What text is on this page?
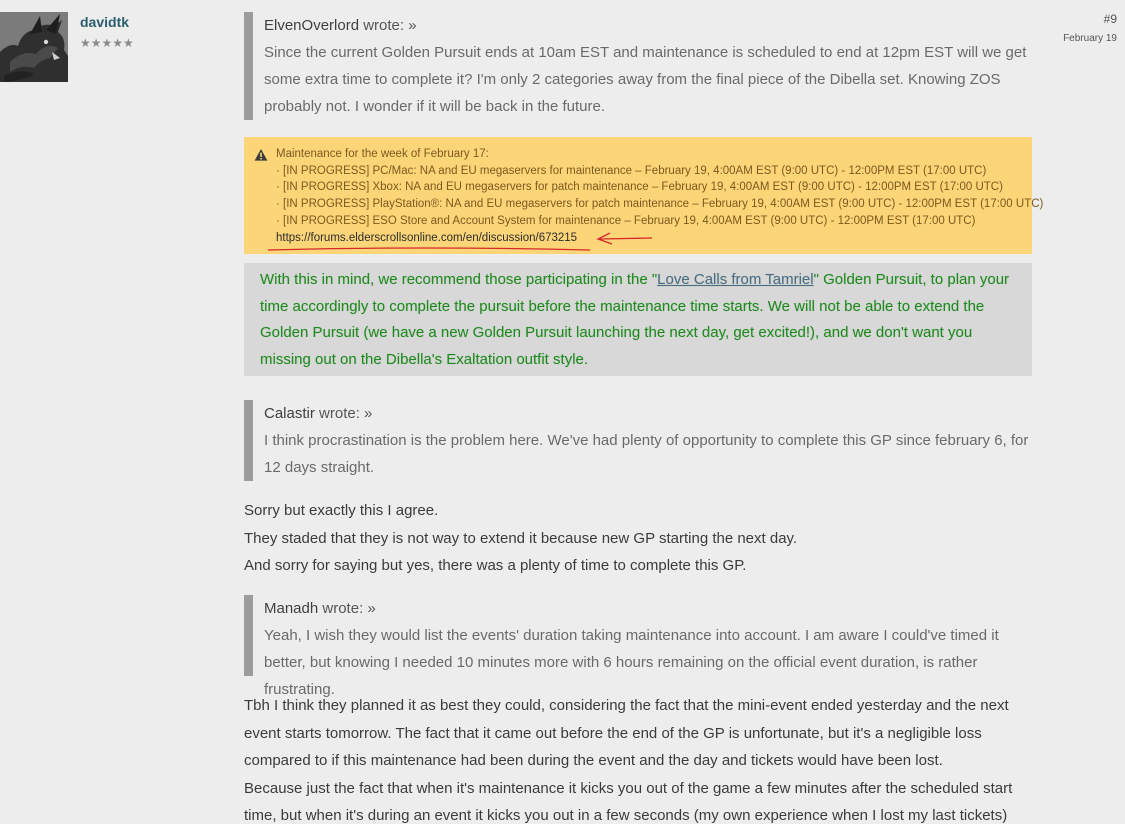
davidtk
★★★★★
#9
February 19
ElvenOverlord wrote: »
Since the current Golden Pursuit ends at 10am EST and maintenance is scheduled to end at 12pm EST will we get some extra time to complete it? I'm only 2 categories away from the final piece of the Dibella set. Knowing ZOS probably not. I wonder if it will be back in the future.
Maintenance for the week of February 17:
· [IN PROGRESS] PC/Mac: NA and EU megaservers for maintenance – February 19, 4:00AM EST (9:00 UTC) - 12:00PM EST (17:00 UTC)
· [IN PROGRESS] Xbox: NA and EU megaservers for patch maintenance – February 19, 4:00AM EST (9:00 UTC) - 12:00PM EST (17:00 UTC)
· [IN PROGRESS] PlayStation®: NA and EU megaservers for patch maintenance – February 19, 4:00AM EST (9:00 UTC) - 12:00PM EST (17:00 UTC)
· [IN PROGRESS] ESO Store and Account System for maintenance – February 19, 4:00AM EST (9:00 UTC) - 12:00PM EST (17:00 UTC)
https://forums.elderscrollsonline.com/en/discussion/673215
With this in mind, we recommend those participating in the "Love Calls from Tamriel" Golden Pursuit, to plan your time accordingly to complete the pursuit before the maintenance time starts. We will not be able to extend the Golden Pursuit (we have a new Golden Pursuit launching the next day, get excited!), and we don't want you missing out on the Dibella's Exaltation outfit style.
Calastir wrote: »
I think procrastination is the problem here. We've had plenty of opportunity to complete this GP since february 6, for 12 days straight.
Sorry but exactly this I agree.
They staded that they is not way to extend it because new GP starting the next day.
And sorry for saying but yes, there was a plenty of time to complete this GP.
Manadh wrote: »
Yeah, I wish they would list the events' duration taking maintenance into account. I am aware I could've timed it better, but knowing I needed 10 minutes more with 6 hours remaining on the official event duration, is rather frustrating.
Tbh I think they planned it as best they could, considering the fact that the mini-event ended yesterday and the next event starts tomorrow. The fact that it came out before the end of the GP is unfortunate, but it's a negligible loss compared to if this maintenance had been during the event and the day and tickets would have been lost.
Because just the fact that when it's maintenance it kicks you out of the game a few minutes after the scheduled start time, but when it's during an event it kicks you out in a few seconds (my own experience when I lost my last tickets)
